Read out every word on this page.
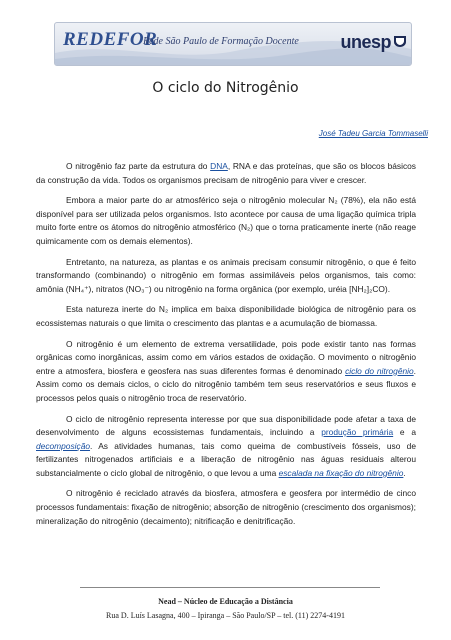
REDEFOR
Rede São Paulo de Formação Docente unesp
O ciclo do Nitrogênio
José Tadeu Garcia Tommaselli

O nitrogênio faz parte da estrutura do DNA, RNA e das proteínas, que são os blocos básicos da construção da vida. Todos os organismos precisam de nitrogênio para viver e crescer.

Embora a maior parte do ar atmosférico seja o nitrogênio molecular N₂ (78%), ela não está disponível para ser utilizada pelos organismos. Isto acontece por causa de uma ligação química tripla muito forte entre os átomos do nitrogênio atmosférico (N₂) que o torna praticamente inerte (não reage quimicamente com os demais elementos).

Entretanto, na natureza, as plantas e os animais precisam consumir nitrogênio, o que é feito transformando (combinando) o nitrogênio em formas assimiláveis pelos organismos, tais como: amônia (NH₄⁺), nitratos (NO₃⁻) ou nitrogênio na forma orgânica (por exemplo, uréia [NH₂]₂CO).

Esta natureza inerte do N₂ implica em baixa disponibilidade biológica de nitrogênio para os ecossistemas naturais o que limita o crescimento das plantas e a acumulação de biomassa.

O nitrogênio é um elemento de extrema versatilidade, pois pode existir tanto nas formas orgânicas como inorgânicas, assim como em vários estados de oxidação. O movimento o nitrogênio entre a atmosfera, biosfera e geosfera nas suas diferentes formas é denominado ciclo do nitrogênio. Assim como os demais ciclos, o ciclo do nitrogênio também tem seus reservatórios e seus fluxos e processos pelos quais o nitrogênio troca de reservatório.

O ciclo de nitrogênio representa interesse por que sua disponibilidade pode afetar a taxa de desenvolvimento de alguns ecossistemas fundamentais, incluindo a produção primária e a decomposição. As atividades humanas, tais como queima de combustíveis fósseis, uso de fertilizantes nitrogenados artificiais e a liberação de nitrogênio nas águas residuais alterou substancialmente o ciclo global de nitrogênio, o que levou a uma escalada na fixação do nitrogênio.

O nitrogênio é reciclado através da biosfera, atmosfera e geosfera por intermédio de cinco processos fundamentais: fixação de nitrogênio; absorção de nitrogênio (crescimento dos organismos); mineralização do nitrogênio (decaimento); nitrificação e denitrificação.

Nead – Núcleo de Educação a Distância
Rua D. Luís Lasagna, 400 – Ipiranga – São Paulo/SP – tel. (11) 2274-4191
